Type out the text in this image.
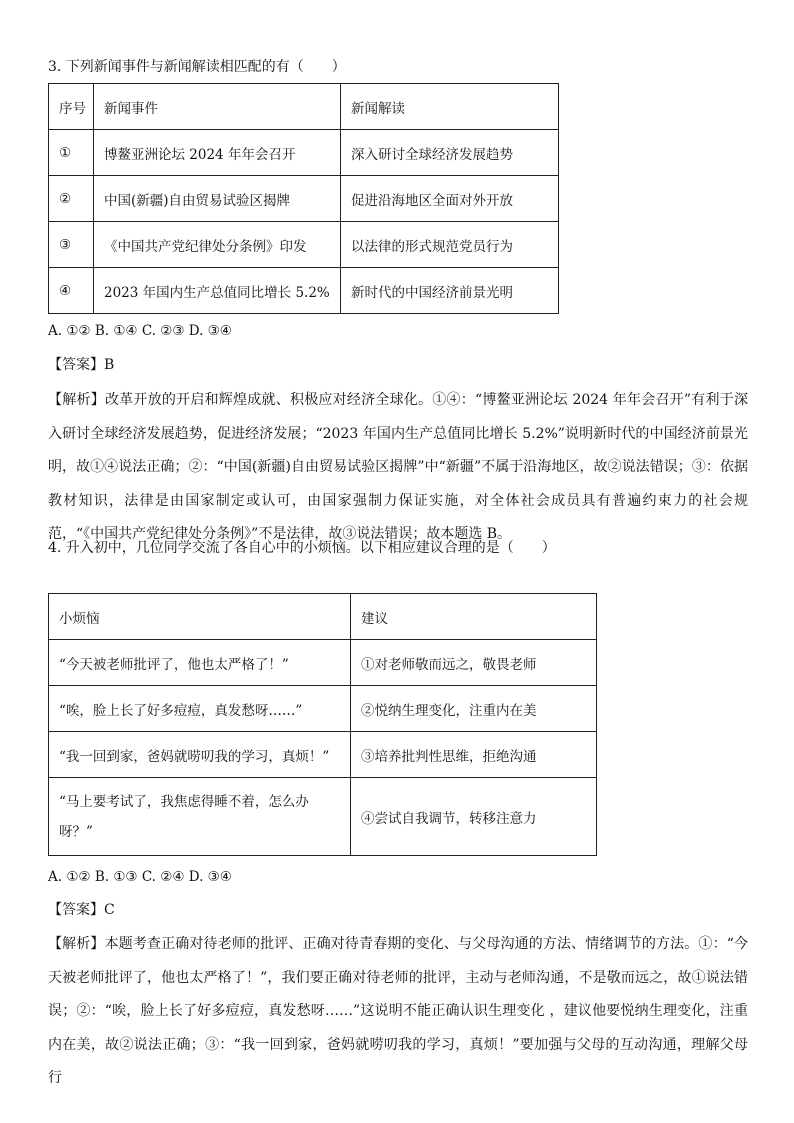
3. 下列新闻事件与新闻解读相匹配的有（　　）
序号	新闻事件	新闻解读
①	博鳌亚洲论坛 2024 年年会召开	深入研讨全球经济发展趋势
②	中国(新疆)自由贸易试验区揭牌	促进沿海地区全面对外开放
③	《中国共产党纪律处分条例》印发	以法律的形式规范党员行为
④	2023 年国内生产总值同比增长 5.2%	新时代的中国经济前景光明
A. ①② B. ①④ C. ②③ D. ③④
【答案】B
【解析】改革开放的开启和辉煌成就、积极应对经济全球化。①④：“博鳌亚洲论坛 2024 年年会召开”有利于深入研讨全球经济发展趋势，促进经济发展；“2023 年国内生产总值同比增长 5.2%”说明新时代的中国经济前景光明，故①④说法正确；②：“中国(新疆)自由贸易试验区揭牌”中“新疆”不属于沿海地区，故②说法错误；③：依据教材知识，法律是由国家制定或认可，由国家强制力保证实施，对全体社会成员具有普遍约束力的社会规范，“《中国共产党纪律处分条例》”不是法律，故③说法错误；故本题选 B。
4. 升入初中，几位同学交流了各自心中的小烦恼。以下相应建议合理的是（　　）
小烦恼	建议
“今天被老师批评了，他也太严格了！”	①对老师敬而远之，敬畏老师
“唉，脸上长了好多痘痘，真发愁呀……”	②悦纳生理变化，注重内在美
“我一回到家，爸妈就唠叨我的学习，真烦！”	③培养批判性思维，拒绝沟通
“马上要考试了，我焦虑得睡不着，怎么办呀？”	④尝试自我调节，转移注意力
A. ①② B. ①③ C. ②④ D. ③④
【答案】C
【解析】本题考查正确对待老师的批评、正确对待青春期的变化、与父母沟通的方法、情绪调节的方法。①：“今天被老师批评了，他也太严格了！”，我们要正确对待老师的批评，主动与老师沟通，不是敬而远之，故①说法错误；②：“唉，脸上长了好多痘痘，真发愁呀……”这说明不能正确认识生理变化 ，建议他要悦纳生理变化，注重内在美，故②说法正确；③：“我一回到家，爸妈就唠叨我的学习，真烦！”要加强与父母的互动沟通，理解父母行
